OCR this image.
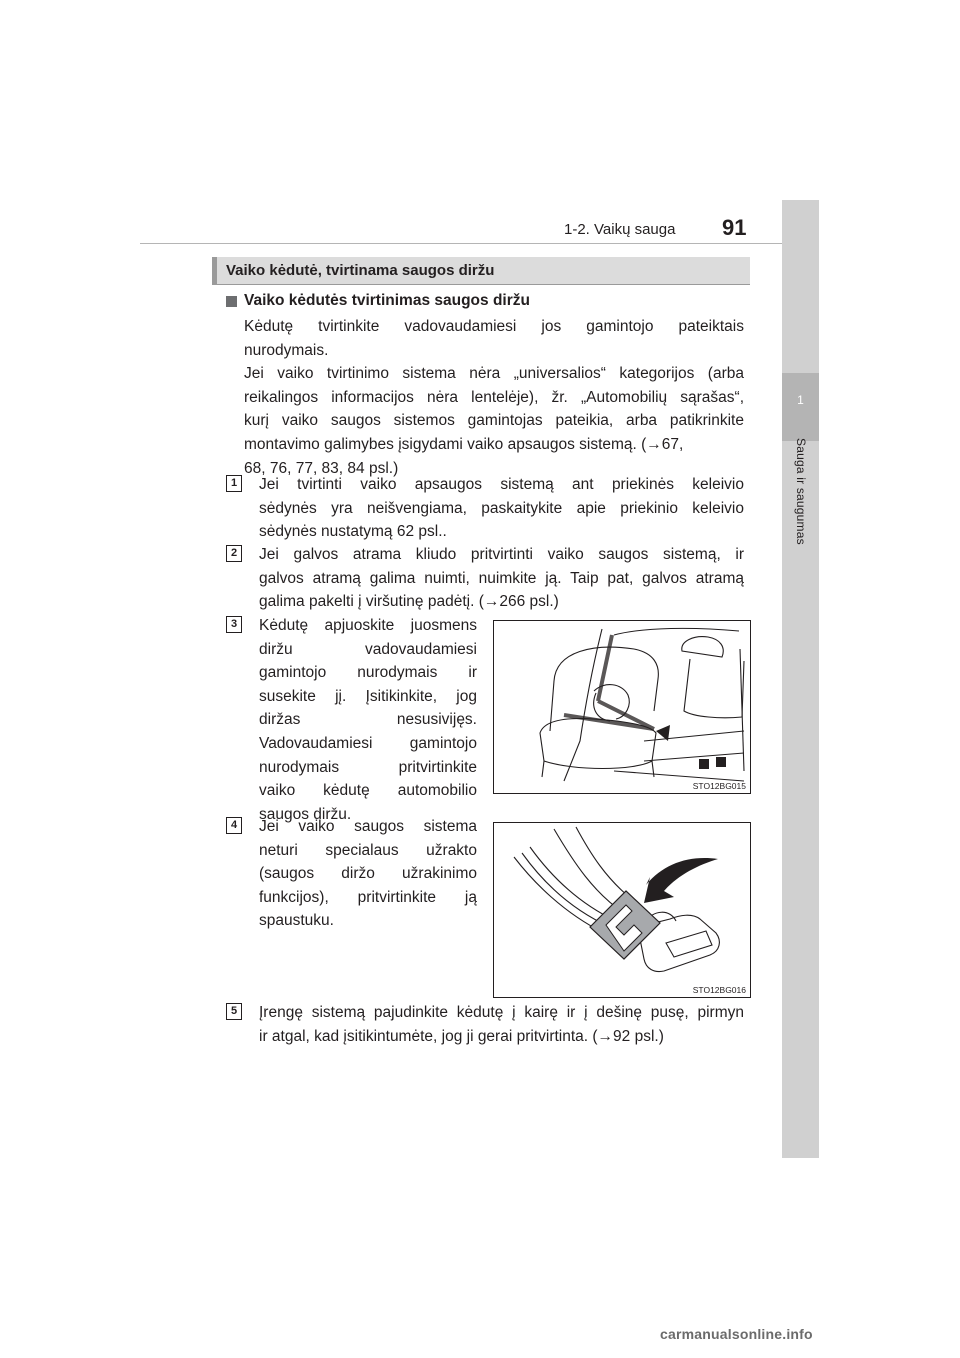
1-2. Vaikų sauga 91
1
Sauga ir saugumas
Vaiko kėdutė, tvirtinama saugos diržu
Vaiko kėdutės tvirtinimas saugos diržu
Kėdutę tvirtinkite vadovaudamiesi jos gamintojo pateiktais
nurodymais.
Jei vaiko tvirtinimo sistema nėra „universalios“ kategorijos (arba
reikalingos informacijos nėra lentelėje), žr. „Automobilių sąrašas“,
kurį vaiko saugos sistemos gamintojas pateikia, arba patikrinkite
montavimo galimybes įsigydami vaiko apsaugos sistemą. (→67,
68, 76, 77, 83, 84 psl.)
1	Jei tvirtinti vaiko apsaugos sistemą ant priekinės keleivio
sėdynės yra neišvengiama, paskaitykite apie priekinio keleivio
sėdynės nustatymą 62 psl..
2	Jei galvos atrama kliudo pritvirtinti vaiko saugos sistemą, ir
galvos atramą galima nuimti, nuimkite ją. Taip pat, galvos atramą
galima pakelti į viršutinę padėtį. (→266 psl.)
3	Kėdutę apjuoskite juosmens
diržu vadovaudamiesi
gamintojo nurodymais ir
susekite jį. Įsitikinkite, jog
diržas nesusivijęs.
Vadovaudamiesi gamintojo
nurodymais pritvirtinkite
vaiko kėdutę automobilio
saugos diržu.
STO12BG015
4	Jei vaiko saugos sistema
neturi specialaus užrakto
(saugos diržo užrakinimo
funkcijos), pritvirtinkite ją
spaustuku.
STO12BG016
5	Įrengę sistemą pajudinkite kėdutę į kairę ir į dešinę pusę, pirmyn
ir atgal, kad įsitikintumėte, jog ji gerai pritvirtinta. (→92 psl.)
carmanualsonline.info
